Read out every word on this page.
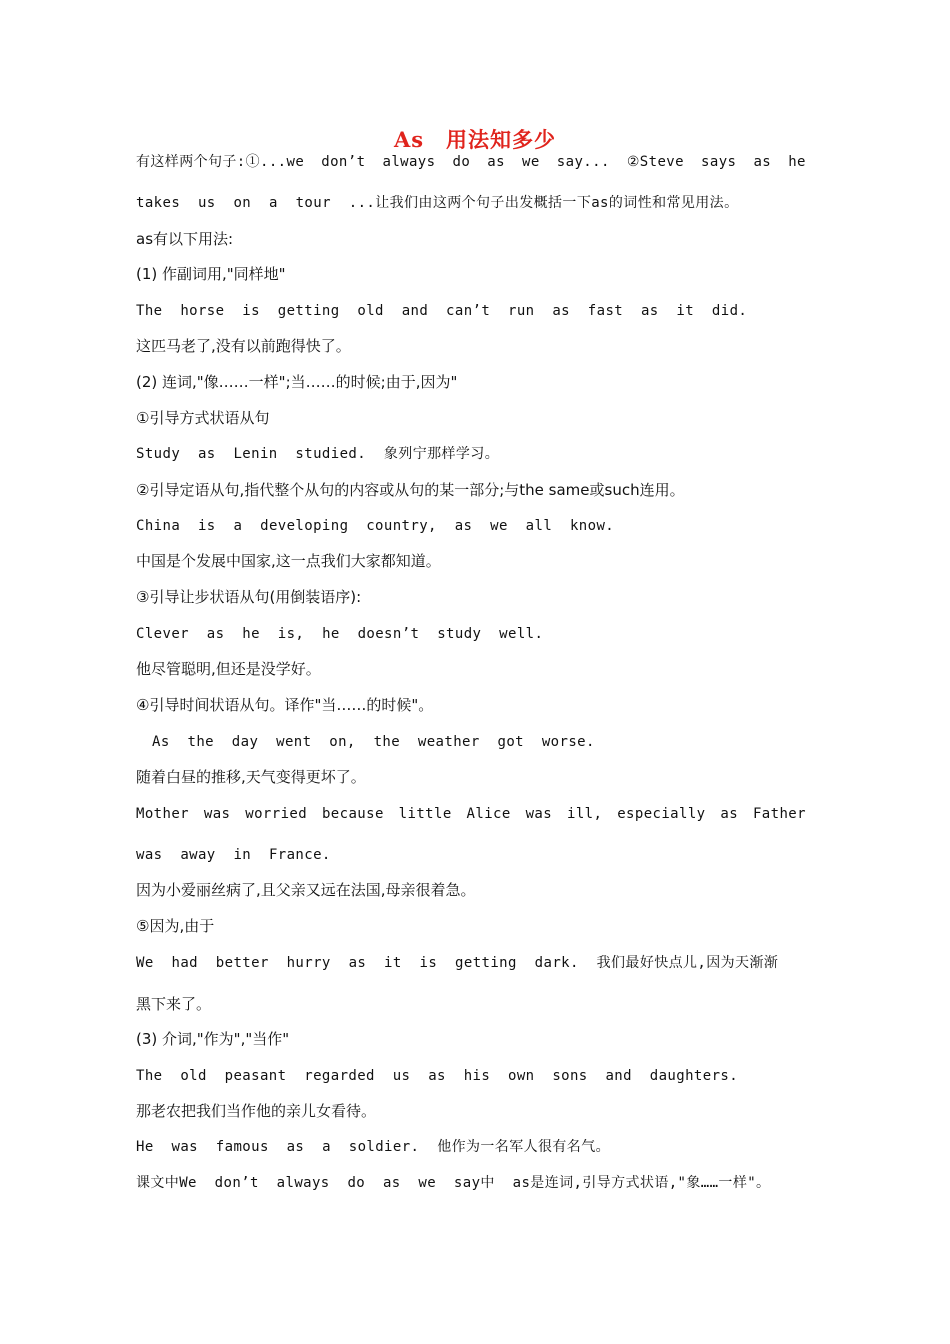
As　用法知多少
有这样两个句子:①...we don’t always do as we say... ②Steve says as he
takes us on a tour ...让我们由这两个句子出发概括一下as的词性和常见用法。
as有以下用法:
(1) 作副词用,"同样地"
The horse is getting old and can’t run as fast as it did.
这匹马老了,没有以前跑得快了。
(2) 连词,"像……一样";当……的时候;由于,因为"
①引导方式状语从句
Study as Lenin studied. 象列宁那样学习。
②引导定语从句,指代整个从句的内容或从句的某一部分;与the same或such连用。
China is a developing country, as we all know.
中国是个发展中国家,这一点我们大家都知道。
③引导让步状语从句(用倒装语序):
Clever as he is, he doesn’t study well.
他尽管聪明,但还是没学好。
④引导时间状语从句。译作"当……的时候"。
As the day went on, the weather got worse.
随着白昼的推移,天气变得更坏了。
Mother was worried because little Alice was ill, especially as Father
was away in France.
因为小爱丽丝病了,且父亲又远在法国,母亲很着急。
⑤因为,由于
We had better hurry as it is getting dark. 我们最好快点儿,因为天渐渐
黑下来了。
(3) 介词,"作为","当作"
The old peasant regarded us as his own sons and daughters.
那老农把我们当作他的亲儿女看待。
He was famous as a soldier. 他作为一名军人很有名气。
课文中We don’t always do as we say中 as是连词,引导方式状语,"象……一样"。
